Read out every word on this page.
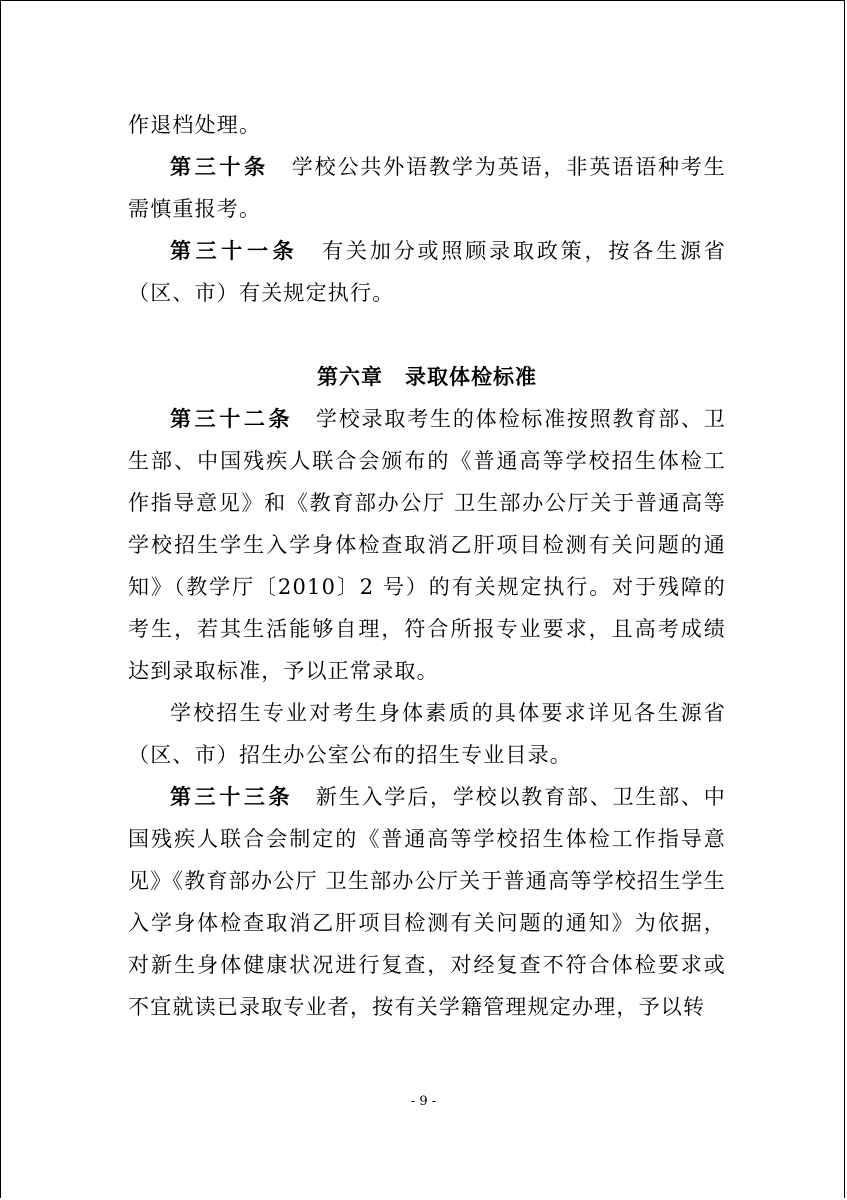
作退档处理。

第三十条　 学校公共外语教学为英语，非英语语种考生需慎重报考。

第三十一条　 有关加分或照顾录取政策，按各生源省（区、市）有关规定执行。

第六章　录取体检标准

第三十二条　 学校录取考生的体检标准按照教育部、卫生部、中国残疾人联合会颁布的《普通高等学校招生体检工作指导意见》和《教育部办公厅 卫生部办公厅关于普通高等学校招生学生入学身体检查取消乙肝项目检测有关问题的通知》（教学厅〔2010〕2 号）的有关规定执行。对于残障的考生，若其生活能够自理，符合所报专业要求，且高考成绩达到录取标准，予以正常录取。

学校招生专业对考生身体素质的具体要求详见各生源省（区、市）招生办公室公布的招生专业目录。

第三十三条　 新生入学后，学校以教育部、卫生部、中国残疾人联合会制定的《普通高等学校招生体检工作指导意见》《教育部办公厅 卫生部办公厅关于普通高等学校招生学生入学身体检查取消乙肝项目检测有关问题的通知》为依据，对新生身体健康状况进行复查，对经复查不符合体检要求或不宜就读已录取专业者，按有关学籍管理规定办理，予以转

- 9 -
